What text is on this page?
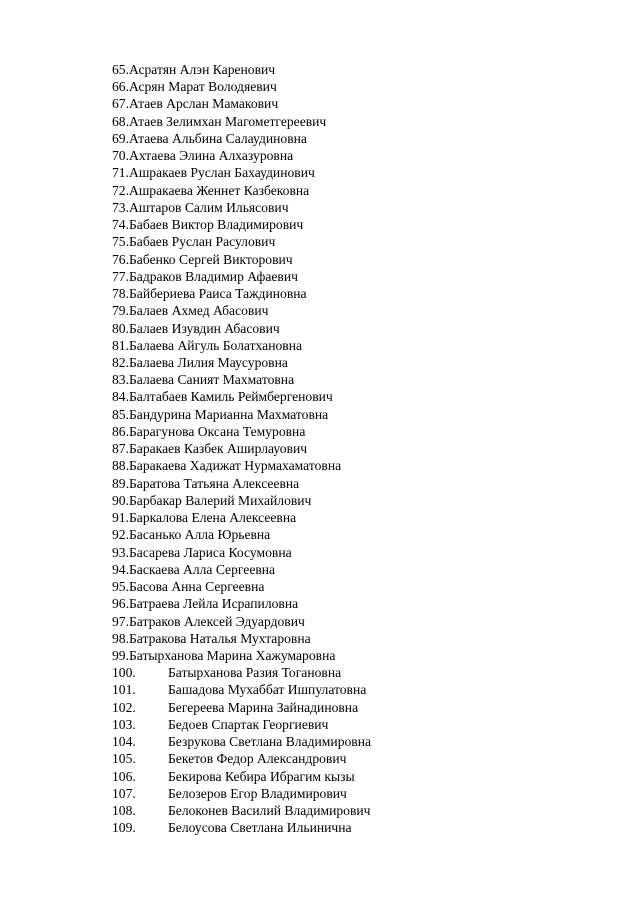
65.Асратян Алэн Каренович
66.Асрян Марат Володяевич
67.Атаев Арслан Мамакович
68.Атаев Зелимхан Магометгереевич
69.Атаева Альбина Салаудиновна
70.Ахтаева Элина Алхазуровна
71.Ашракаев Руслан Бахаудинович
72.Ашракаева Женнет Казбековна
73.Аштаров Салим Ильясович
74.Бабаев Виктор Владимирович
75.Бабаев Руслан Расулович
76.Бабенко Сергей Викторович
77.Бадраков Владимир Афаевич
78.Байбериева Раиса Таждиновна
79.Балаев Ахмед Абасович
80.Балаев Изувдин Абасович
81.Балаева Айгуль Болатхановна
82.Балаева Лилия Маусуровна
83.Балаева Саният Махматовна
84.Балтабаев Камиль Реймбергенович
85.Бандурина Марианна Махматовна
86.Барагунова Оксана Темуровна
87.Баракаев Казбек Аширлауович
88.Баракаева Хадижат Нурмахаматовна
89.Баратова Татьяна Алексеевна
90.Барбакар Валерий Михайлович
91.Баркалова Елена Алексеевна
92.Басанько Алла Юрьевна
93.Басарева Лариса Косумовна
94.Баскаева Алла Сергеевна
95.Басова Анна Сергеевна
96.Батраева Лейла Исрапиловна
97.Батраков Алексей Эдуардович
98.Батракова Наталья Мухтаровна
99.Батырханова Марина Хажумаровна
100. Батырханова Разия Тогановна
101. Башадова Мухаббат Ишпулатовна
102. Бегереева Марина Зайнадиновна
103. Бедоев Спартак Георгиевич
104. Безрукова Светлана Владимировна
105. Бекетов Федор Александрович
106. Бекирова Кебира Ибрагим кызы
107. Белозеров Егор Владимирович
108. Белоконев Василий Владимирович
109. Белоусова Светлана Ильинична
